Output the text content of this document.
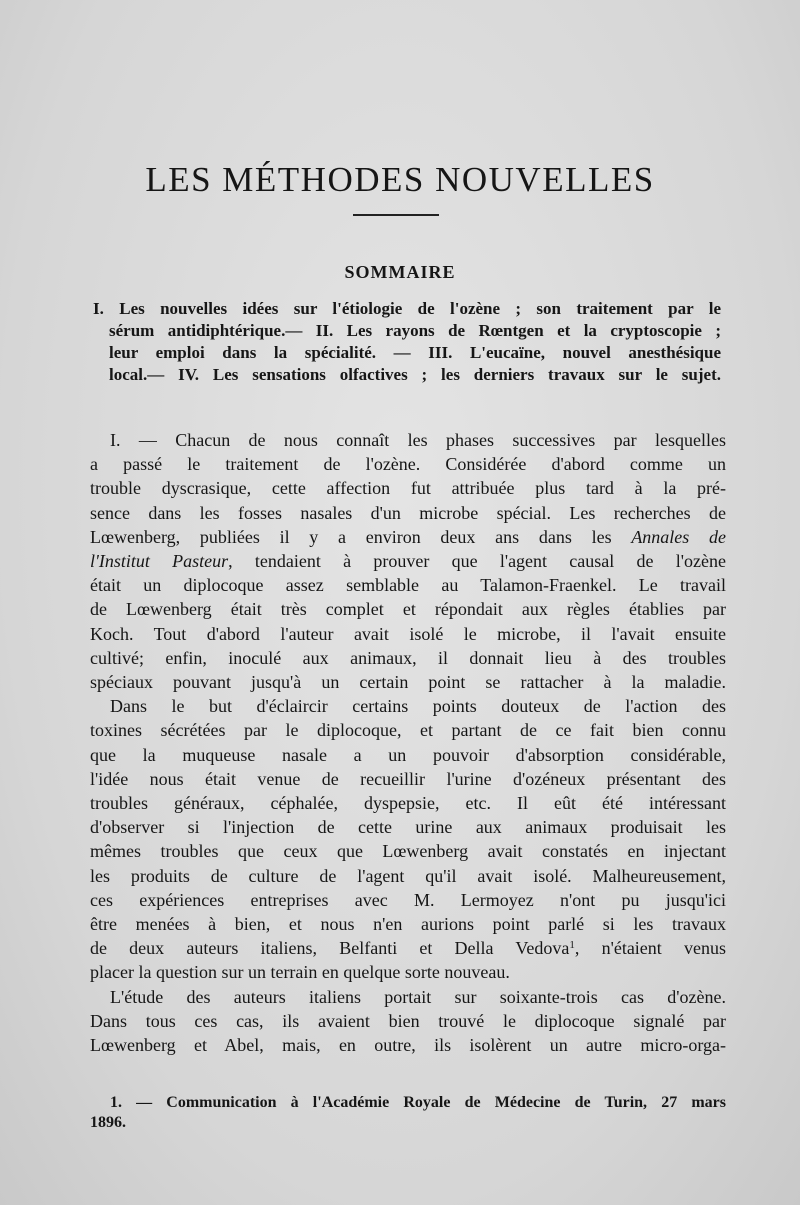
LES MÉTHODES NOUVELLES
SOMMAIRE

I. Les nouvelles idées sur l'étiologie de l'ozène ; son traitement par le
sérum antidiphtérique.— II. Les rayons de Rœntgen et la cryptoscopie ;
leur emploi dans la spécialité. — III. L'eucaïne, nouvel anesthésique
local.— IV. Les sensations olfactives ; les derniers travaux sur le sujet.

I. — Chacun de nous connaît les phases successives par lesquelles
a passé le traitement de l'ozène. Considérée d'abord comme un
trouble dyscrasique, cette affection fut attribuée plus tard à la pré-
sence dans les fosses nasales d'un microbe spécial. Les recherches de
Lœwenberg, publiées il y a environ deux ans dans les Annales de
l'Institut Pasteur, tendaient à prouver que l'agent causal de l'ozène
était un diplocoque assez semblable au Talamon-Fraenkel. Le travail
de Lœwenberg était très complet et répondait aux règles établies par
Koch. Tout d'abord l'auteur avait isolé le microbe, il l'avait ensuite
cultivé; enfin, inoculé aux animaux, il donnait lieu à des troubles
spéciaux pouvant jusqu'à un certain point se rattacher à la maladie.
Dans le but d'éclaircir certains points douteux de l'action des
toxines sécrétées par le diplocoque, et partant de ce fait bien connu
que la muqueuse nasale a un pouvoir d'absorption considérable,
l'idée nous était venue de recueillir l'urine d'ozéneux présentant des
troubles généraux, céphalée, dyspepsie, etc. Il eût été intéressant
d'observer si l'injection de cette urine aux animaux produisait les
mêmes troubles que ceux que Lœwenberg avait constatés en injectant
les produits de culture de l'agent qu'il avait isolé. Malheureusement,
ces expériences entreprises avec M. Lermoyez n'ont pu jusqu'ici
être menées à bien, et nous n'en aurions point parlé si les travaux
de deux auteurs italiens, Belfanti et Della Vedova$^1$, n'étaient venus
placer la question sur un terrain en quelque sorte nouveau.
L'étude des auteurs italiens portait sur soixante-trois cas d'ozène.
Dans tous ces cas, ils avaient bien trouvé le diplocoque signalé par
Lœwenberg et Abel, mais, en outre, ils isolèrent un autre micro-orga-
1. — Communication à l'Académie Royale de Médecine de Turin, 27 mars
1896.
